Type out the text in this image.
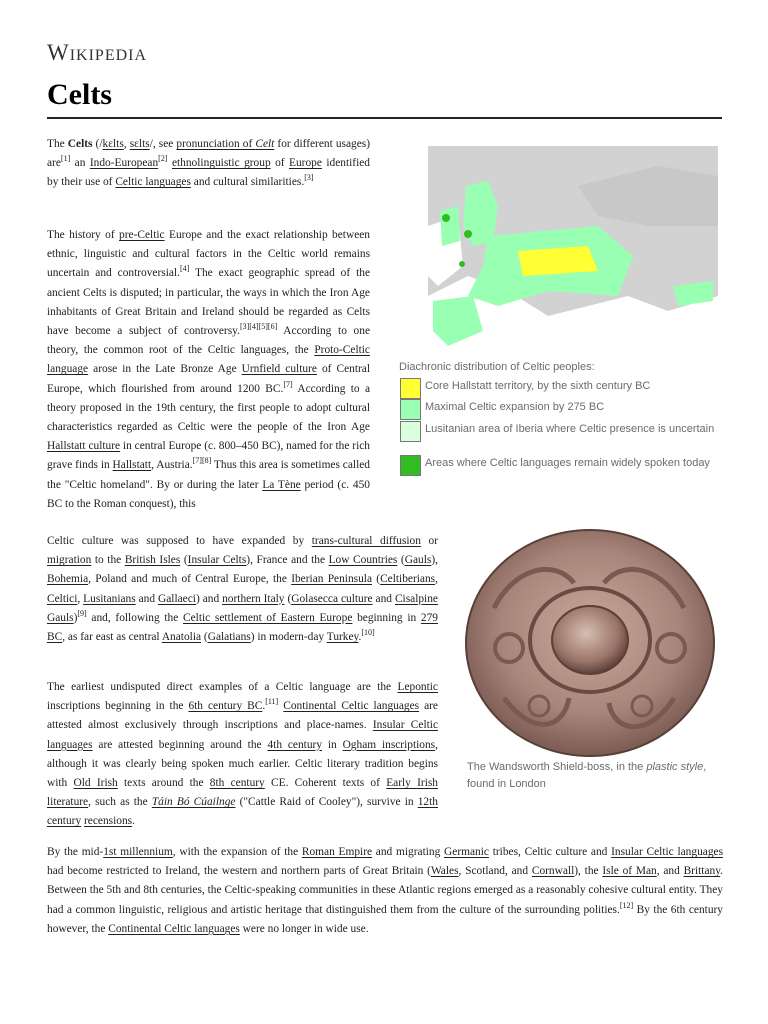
Wikipedia
Celts

The Celts (/kɛlts, sɛlts/, see pronunciation of Celt for different usages) are[1] an Indo-European[2] ethnolinguistic group of Europe identified by their use of Celtic languages and cultural similarities.[3]

The history of pre-Celtic Europe and the exact relationship between ethnic, linguistic and cultural factors in the Celtic world remains uncertain and controversial.[4] The exact geographic spread of the ancient Celts is disputed; in particular, the ways in which the Iron Age inhabitants of Great Britain and Ireland should be regarded as Celts have become a subject of controversy.[3][4][5][6] According to one theory, the common root of the Celtic languages, the Proto-Celtic language arose in the Late Bronze Age Urnfield culture of Central Europe, which flourished from around 1200 BC.[7] According to a theory proposed in the 19th century, the first people to adopt cultural characteristics regarded as Celtic were the people of the Iron Age Hallstatt culture in central Europe (c. 800–450 BC), named for the rich grave finds in Hallstatt, Austria.[7][8] Thus this area is sometimes called the "Celtic homeland". By or during the later La Tène period (c. 450 BC to the Roman conquest), this

Celtic culture was supposed to have expanded by trans-cultural diffusion or migration to the British Isles (Insular Celts), France and the Low Countries (Gauls), Bohemia, Poland and much of Central Europe, the Iberian Peninsula (Celtiberians, Celtici, Lusitanians and Gallaeci) and northern Italy (Golasecca culture and Cisalpine Gauls)[9] and, following the Celtic settlement of Eastern Europe beginning in 279 BC, as far east as central Anatolia (Galatians) in modern-day Turkey.[10]

The earliest undisputed direct examples of a Celtic language are the Lepontic inscriptions beginning in the 6th century BC.[11] Continental Celtic languages are attested almost exclusively through inscriptions and place-names. Insular Celtic languages are attested beginning around the 4th century in Ogham inscriptions, although it was clearly being spoken much earlier. Celtic literary tradition begins with Old Irish texts around the 8th century CE. Coherent texts of Early Irish literature, such as the Táin Bó Cúailnge ("Cattle Raid of Cooley"), survive in 12th century recensions.

By the mid-1st millennium, with the expansion of the Roman Empire and migrating Germanic tribes, Celtic culture and Insular Celtic languages had become restricted to Ireland, the western and northern parts of Great Britain (Wales, Scotland, and Cornwall), the Isle of Man, and Brittany. Between the 5th and 8th centuries, the Celtic-speaking communities in these Atlantic regions emerged as a reasonably cohesive cultural entity. They had a common linguistic, religious and artistic heritage that distinguished them from the culture of the surrounding polities.[12] By the 6th century however, the Continental Celtic languages were no longer in wide use.

Diachronic distribution of Celtic peoples:
Core Hallstatt territory, by the sixth century BC
Maximal Celtic expansion by 275 BC
Lusitanian area of Iberia where Celtic presence is uncertain
Areas where Celtic languages remain widely spoken today
The Wandsworth Shield-boss, in the plastic style, found in London
